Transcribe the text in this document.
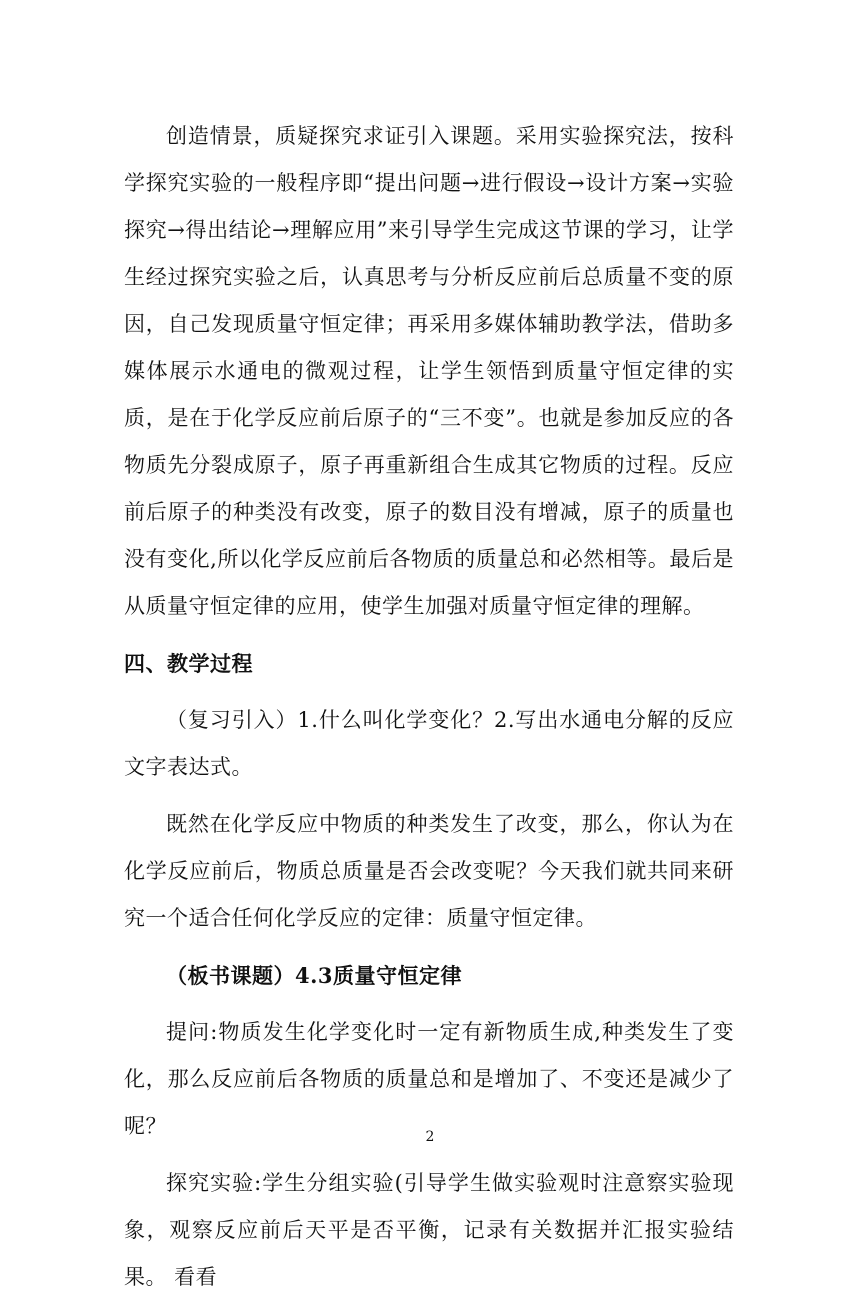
创造情景，质疑探究求证引入课题。采用实验探究法，按科学探究实验的一般程序即“提出问题→进行假设→设计方案→实验探究→得出结论→理解应用”来引导学生完成这节课的学习，让学生经过探究实验之后，认真思考与分析反应前后总质量不变的原因，自己发现质量守恒定律；再采用多媒体辅助教学法，借助多媒体展示水通电的微观过程，让学生领悟到质量守恒定律的实质，是在于化学反应前后原子的“三不变”。也就是参加反应的各物质先分裂成原子，原子再重新组合生成其它物质的过程。反应前后原子的种类没有改变，原子的数目没有增减，原子的质量也没有变化,所以化学反应前后各物质的质量总和必然相等。最后是从质量守恒定律的应用，使学生加强对质量守恒定律的理解。

四、教学过程

（复习引入）1.什么叫化学变化？2.写出水通电分解的反应文字表达式。

既然在化学反应中物质的种类发生了改变，那么，你认为在化学反应前后，物质总质量是否会改变呢？今天我们就共同来研究一个适合任何化学反应的定律：质量守恒定律。

（板书课题）4.3质量守恒定律

提问:物质发生化学变化时一定有新物质生成,种类发生了变化，那么反应前后各物质的质量总和是增加了、不变还是减少了呢？

探究实验:学生分组实验(引导学生做实验观时注意察实验现象，观察反应前后天平是否平衡，记录有关数据并汇报实验结果。 看看

2
